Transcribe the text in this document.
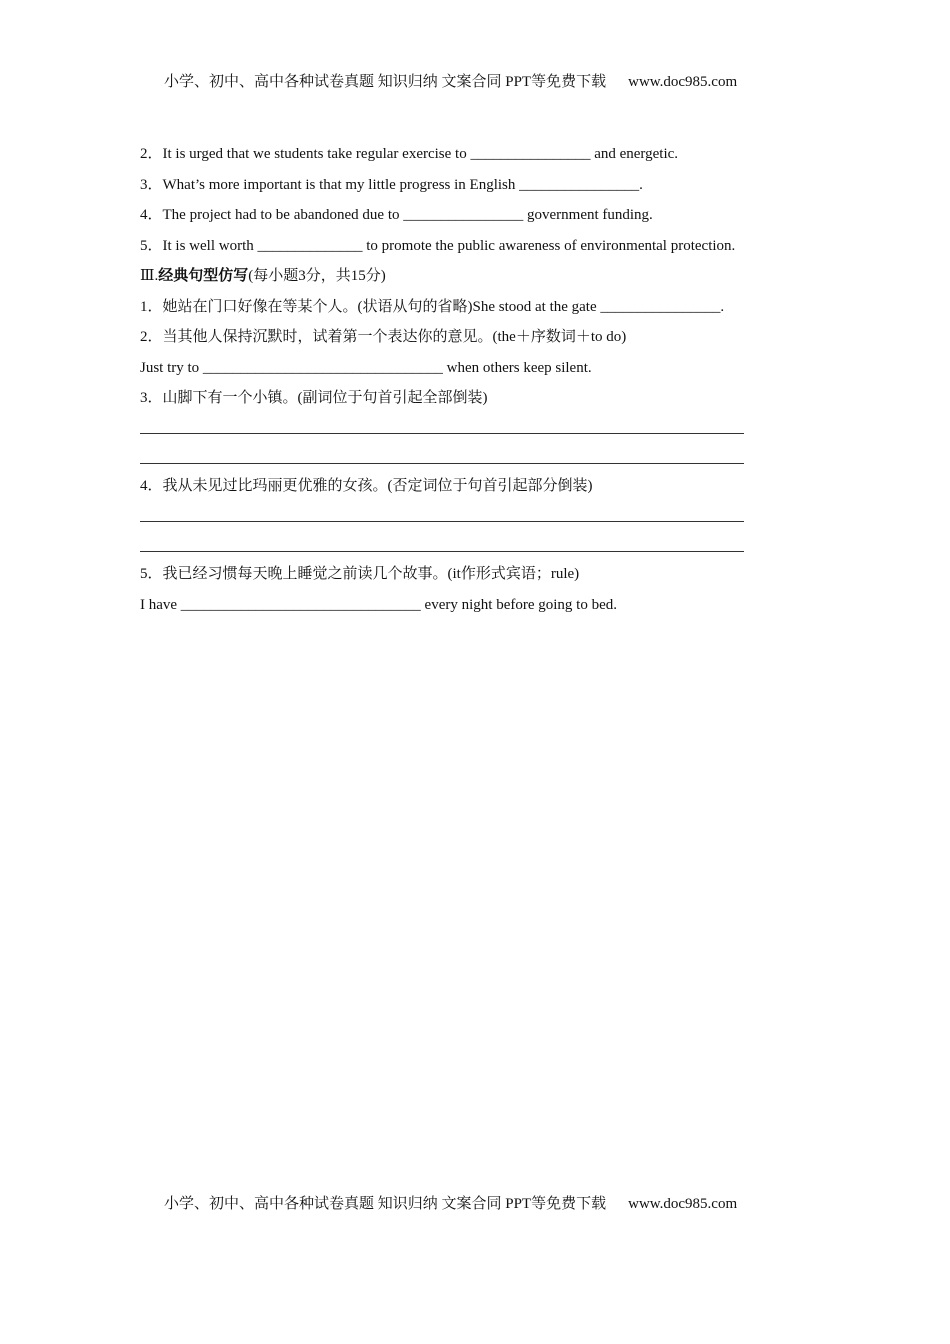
小学、初中、高中各种试卷真题 知识归纳 文案合同 PPT等免费下载 www.doc985.com
2．It is urged that we students take regular exercise to ________________ and energetic.
3．What’s more important is that my little progress in English ________________.
4．The project had to be abandoned due to ________________ government funding.
5．It is well worth ______________ to promote the public awareness of environmental protection.
Ⅲ.经典句型仿写(每小题3分，共15分)
1．她站在门口好像在等某个人。(状语从句的省略)She stood at the gate ________________.
2．当其他人保持沉默时，试着第一个表达你的意见。(the＋序数词＋to do)
Just try to ________________________________ when others keep silent.
3．山脚下有一个小镇。(副词位于句首引起全部倒装)
4．我从未见过比玛丽更优雅的女孩。(否定词位于句首引起部分倒装)
5．我已经习惯每天晚上睡觉之前读几个故事。(it作形式宾语；rule)
I have ________________________________ every night before going to bed.
小学、初中、高中各种试卷真题 知识归纳 文案合同 PPT等免费下载 www.doc985.com
